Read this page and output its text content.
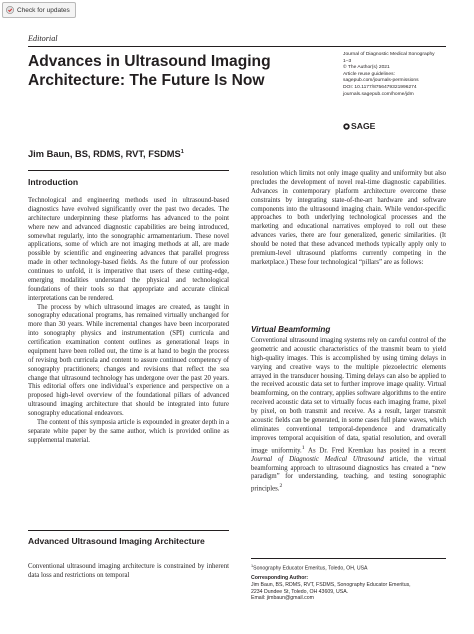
Check for updates
Editorial
Advances in Ultrasound Imaging Architecture: The Future Is Now
Journal of Diagnostic Medical Sonography
1–3
© The Author(s) 2021
Article reuse guidelines:
sagepub.com/journals-permissions
DOI: 10.1177/8756479321996274
journals.sagepub.com/home/jdm
SAGE
Jim Baun, BS, RDMS, RVT, FSDMS$^1$
Introduction

Technological and engineering methods used in ultrasound-based diagnostics have evolved significantly over the past two decades. The architecture underpinning these platforms has advanced to the point where new and advanced diagnostic capabilities are being introduced, somewhat regularly, into the sonographic armamentarium. These novel applications, some of which are not imaging methods at all, are made possible by scientific and engineering advances that parallel progress made in other technology-based fields. As the future of our profession continues to unfold, it is imperative that users of these cutting-edge, emerging modalities understand the physical and technological foundations of their tools so that appropriate and accurate clinical interpretations can be rendered.

The process by which ultrasound images are created, as taught in sonography educational programs, has remained virtually unchanged for more than 30 years. While incremental changes have been incorporated into sonography physics and instrumentation (SPI) curricula and certification examination content outlines as generational leaps in equipment have been rolled out, the time is at hand to begin the process of revising both curricula and content to assure continued competency of sonography practitioners; changes and revisions that reflect the sea change that ultrasound technology has undergone over the past 20 years. This editorial offers one individual’s experience and perspective on a proposed high-level overview of the foundational pillars of advanced ultrasound imaging architecture that should be integrated into future sonography educational endeavors.

The content of this symposia article is expounded in greater depth in a separate white paper by the same author, which is provided online as supplemental material.

Advanced Ultrasound Imaging Architecture

Conventional ultrasound imaging architecture is constrained by inherent data loss and restrictions on temporal

resolution which limits not only image quality and uniformity but also precludes the development of novel real-time diagnostic capabilities. Advances in contemporary platform architecture overcome these constraints by integrating state-of-the-art hardware and software components into the ultrasound imaging chain. While vendor-specific approaches to both underlying technological processes and the marketing and educational narratives employed to roll out these advances varies, there are four generalized, generic similarities. (It should be noted that these advanced methods typically apply only to premium-level ultrasound platforms currently competing in the marketplace.) These four technological “pillars” are as follows:

Virtual Beamforming

Conventional ultrasound imaging systems rely on careful control of the geometric and acoustic characteristics of the transmit beam to yield high-quality images. This is accomplished by using timing delays in varying and creative ways to the multiple piezoelectric elements arrayed in the transducer housing. Timing delays can also be applied to the received acoustic data set to further improve image quality. Virtual beamforming, on the contrary, applies software algorithms to the entire received acoustic data set to virtually focus each imaging frame, pixel by pixel, on both transmit and receive. As a result, larger transmit acoustic fields can be generated, in some cases full plane waves, which eliminates conventional temporal-dependence and dramatically improves temporal acquisition of data, spatial resolution, and overall image uniformity.$^1$ As Dr. Fred Kremkau has posited in a recent Journal of Diagnostic Medical Ultrasound article, the virtual beamforming approach to ultrasound diagnostics has created a “new paradigm” for understanding, teaching, and testing sonographic principles.$^2$

$^1$Sonography Educator Emeritus, Toledo, OH, USA
Corresponding Author:
Jim Baun, BS, RDMS, RVT, FSDMS, Sonography Educator Emeritus,
2234 Dundee St, Toledo, OH 43609, USA.
Email: jimbaun@gmail.com
